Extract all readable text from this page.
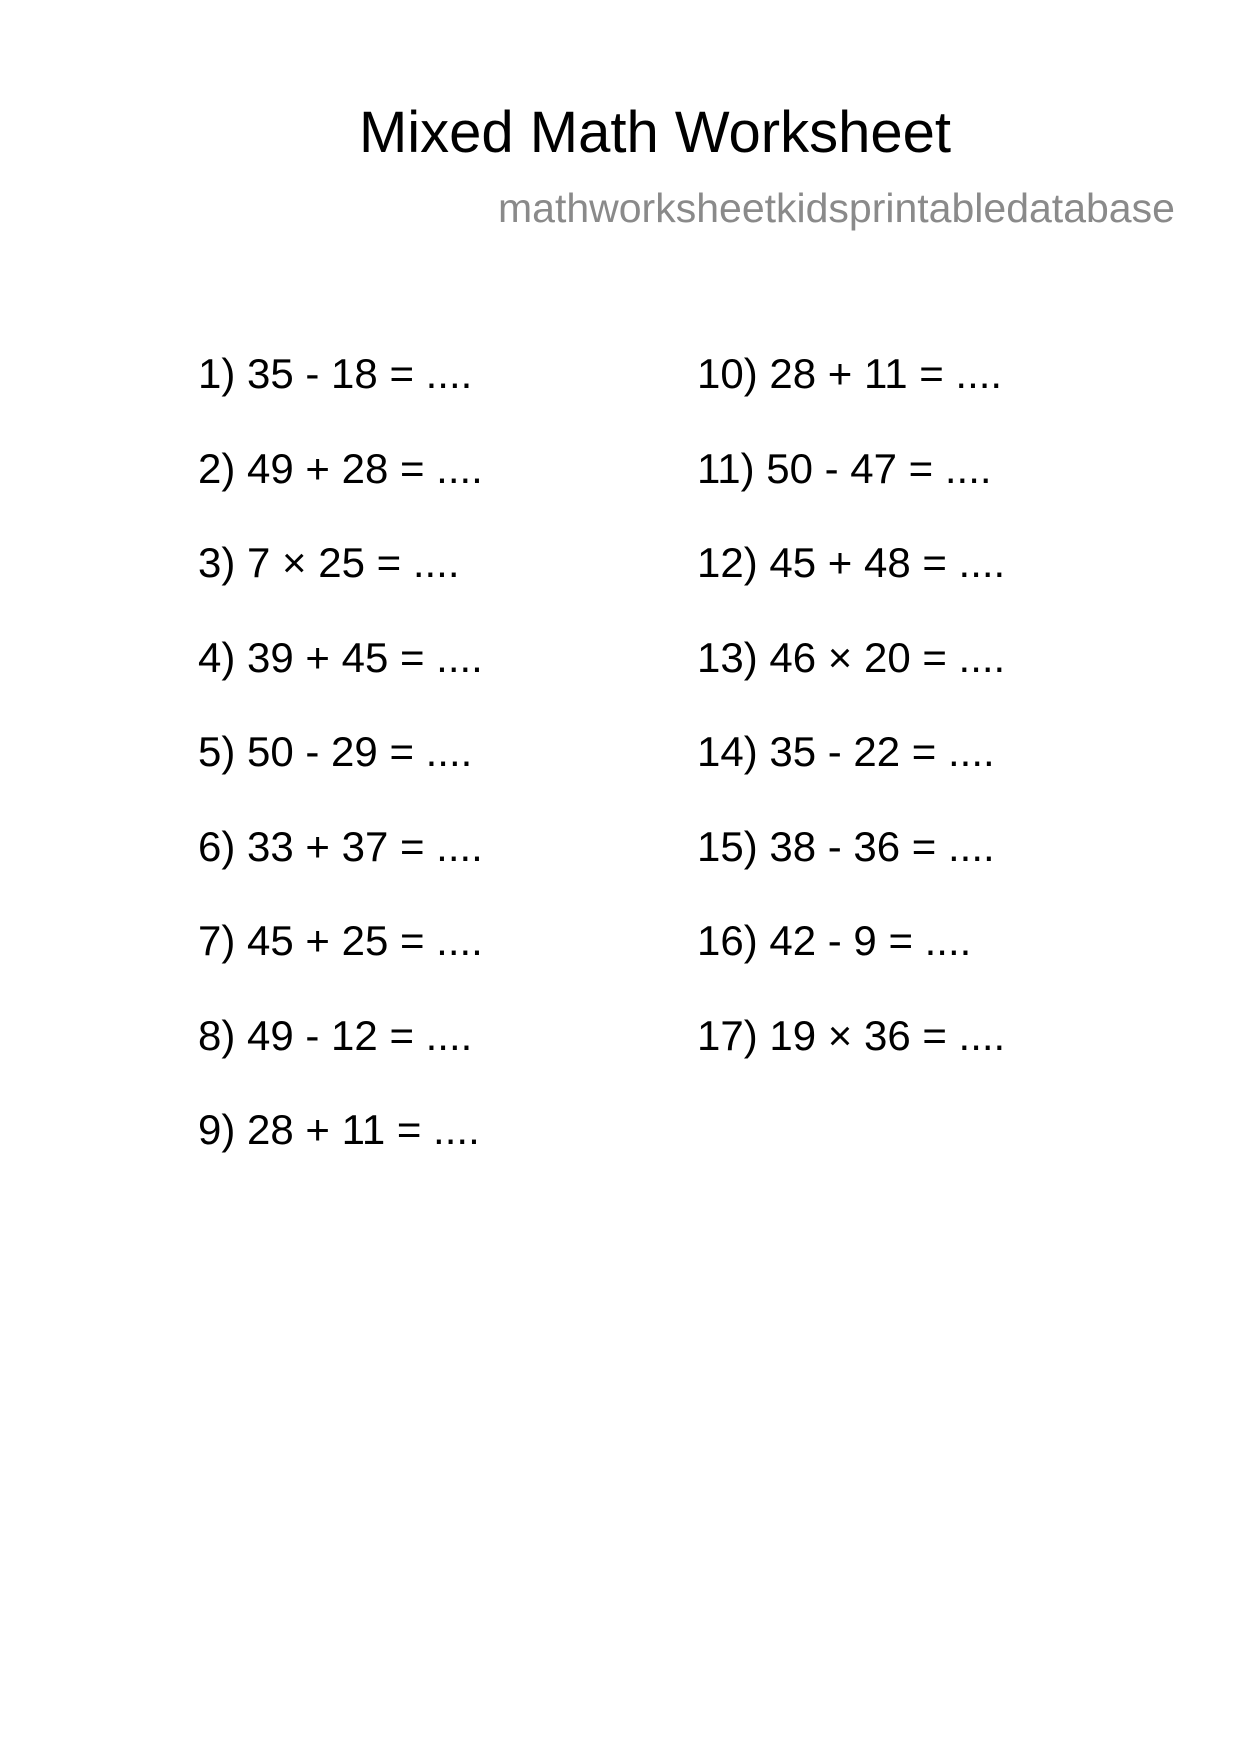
Mixed Math Worksheet
mathworksheetkidsprintabledatabase
1) 35 - 18 = ....
2) 49 + 28 = ....
3) 7 × 25 = ....
4) 39 + 45 = ....
5) 50 - 29 = ....
6) 33 + 37 = ....
7) 45 + 25 = ....
8) 49 - 12 = ....
9) 28 + 11 = ....
10) 28 + 11 = ....
11) 50 - 47 = ....
12) 45 + 48 = ....
13) 46 × 20 = ....
14) 35 - 22 = ....
15) 38 - 36 = ....
16) 42 - 9 = ....
17) 19 × 36 = ....
